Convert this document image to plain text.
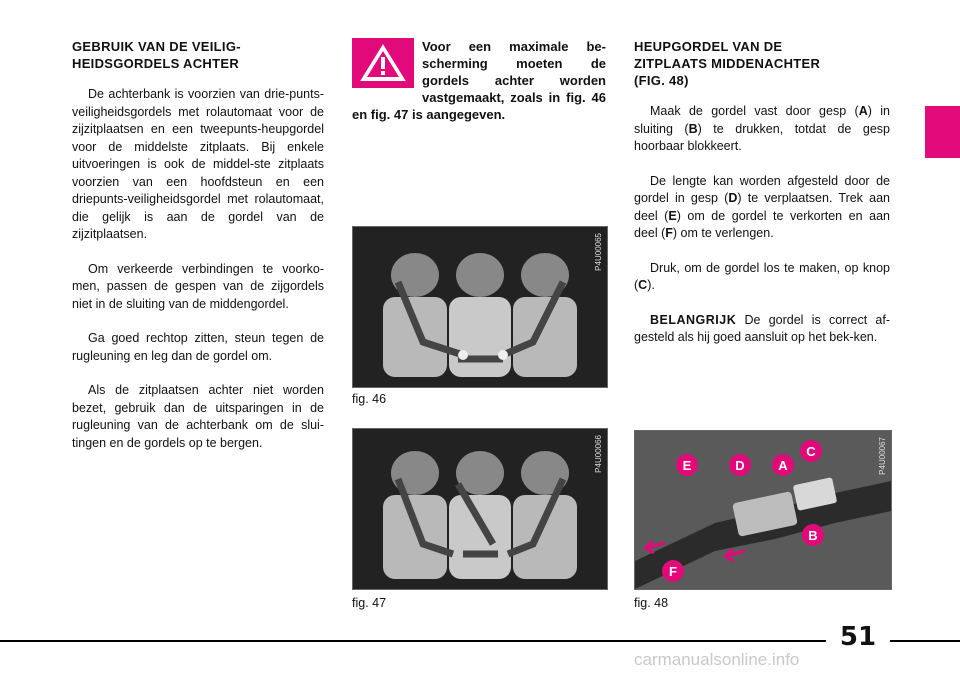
GEBRUIK VAN DE VEILIG-
HEIDSGORDELS ACHTER

De achterbank is voorzien van drie-punts-veiligheidsgordels met rolautomaat voor de zijzitplaatsen en een tweepunts-heupgordel voor de middelste zitplaats. Bij enkele uitvoeringen is ook de middel-ste zitplaats voorzien van een hoofdsteun en een driepunts-veiligheidsgordel met rolautomaat, die gelijk is aan de gordel van de zijzitplaatsen.

Om verkeerde verbindingen te voorko-men, passen de gespen van de zijgordels niet in de sluiting van de middengordel.

Ga goed rechtop zitten, steun tegen de rugleuning en leg dan de gordel om.

Als de zitplaatsen achter niet worden bezet, gebruik dan de uitsparingen in de rugleuning van de achterbank om de slui-tingen en de gordels op te bergen.

Voor een maximale be-scherming moeten de gordels achter worden vastgemaakt, zoals in fig. 46 en fig. 47 is aangegeven.
P4U00065
fig. 46
P4U00066
fig. 47
HEUPGORDEL VAN DE
ZITPLAATS MIDDENACHTER
(FIG. 48)

Maak de gordel vast door gesp (A) in sluiting (B) te drukken, totdat de gesp hoorbaar blokkeert.

De lengte kan worden afgesteld door de gordel in gesp (D) te verplaatsen. Trek aan deel (E) om de gordel te verkorten en aan deel (F) om te verlengen.

Druk, om de gordel los te maken, op knop (C).

BELANGRIJK De gordel is correct af-gesteld als hij goed aansluit op het bek-ken.

E	D	A
C
B
F
P4U00067
fig. 48
51
carmanualsonline.info
